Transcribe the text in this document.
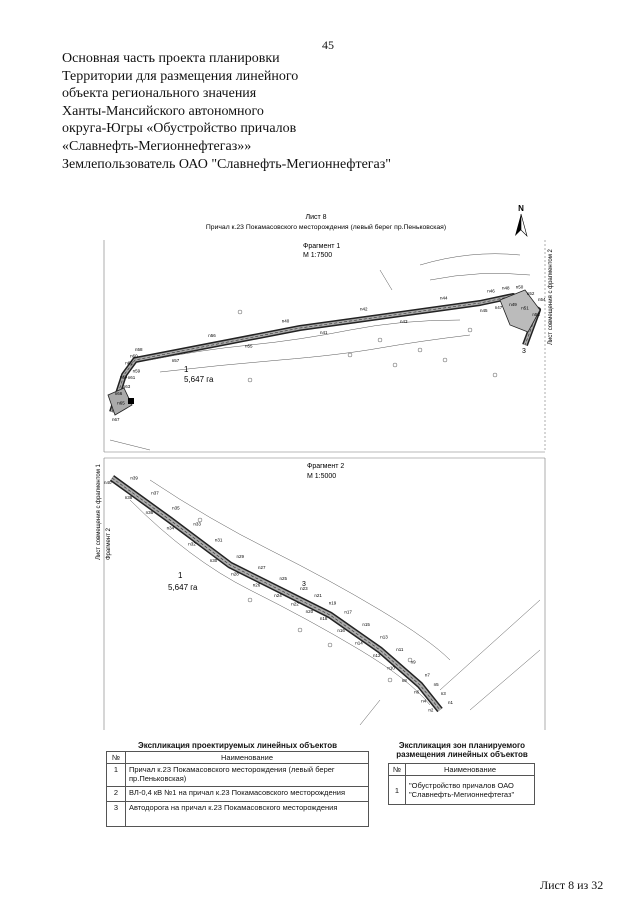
45
Основная часть проекта планировки
Территории для размещения линейного
объекта регионального значения
Ханты-Мансийского автономного
округа-Югры «Обустройство причалов
«Славнефть-Мегионнефтегаз»»
Землепользователь ОАО "Славнефть-Мегионнефтегаз"
Лист 8
Причал к.23 Покамасовского месторождения (левый берег пр.Пеньковская)
N
Фрагмент 1
М 1:7500	Лист совмещения с фрагментом 2
1
5,647 га
3
Фрагмент 2
М 1:5000
Лист совмещения с фрагментом 1 Фрагмент 2
1
5,647 га	3
n54
n53
n52
n51
n50
n49
n48
n47
n46
n45
n44
n43
n42
n41
n40
n55
n56
n57
n58
n59
n60
n61
n62
n63
n64
n65
n66
n67
n40
n39
n38
n37
n36
n35
n34
n33
n32
n31
n30
n29
n28
n27
n26
n25
n24
n23
n22
n21
n20
n19
n18
n17
n16
n15
n14
n13
n12
n11
n10
n9
n8
n7
n6
n5
n4
n3
n2
n1
Экспликация проектируемых линейных объектов
№	Наименование
1	Причал к.23 Покамасовского месторождения (левый берег пр.Пеньковская)
2	ВЛ-0,4 кВ №1 на причал к.23 Покамасовского месторождения
3	Автодорога на причал к.23 Покамасовского месторождения
Экспликация зон планируемого размещения линейных объектов
№	Наименование
1	"Обустройство причалов ОАО "Славнефть-Мегионнефтегаз"
Лист 8 из 32
